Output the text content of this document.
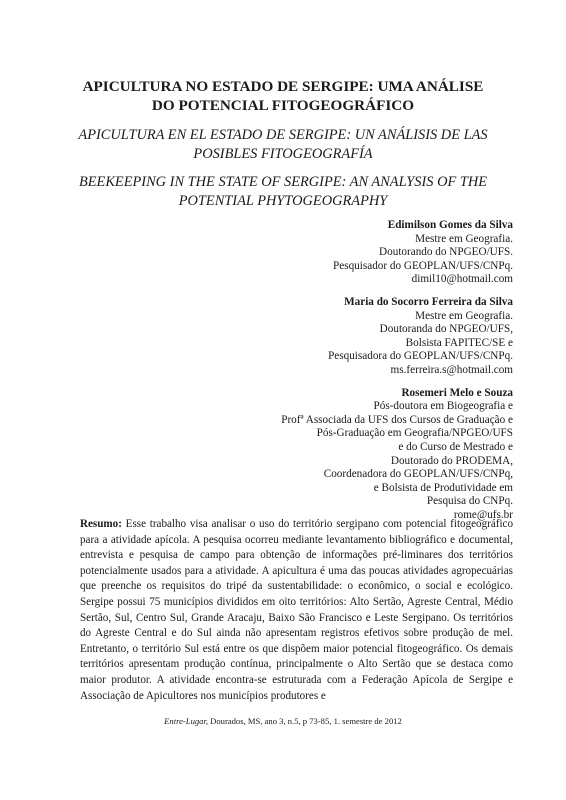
APICULTURA NO ESTADO DE SERGIPE: UMA ANÁLISE DO POTENCIAL FITOGEOGRÁFICO
APICULTURA EN EL ESTADO DE SERGIPE: UN ANÁLISIS DE LAS POSIBLES FITOGEOGRAFÍA
BEEKEEPING IN THE STATE OF SERGIPE: AN ANALYSIS OF THE POTENTIAL PHYTOGEOGRAPHY
Edimilson Gomes da Silva
Mestre em Geografia.
Doutorando do NPGEO/UFS.
Pesquisador do GEOPLAN/UFS/CNPq.
dimil10@hotmail.com
Maria do Socorro Ferreira da Silva
Mestre em Geografia.
Doutoranda do NPGEO/UFS,
Bolsista FAPITEC/SE e
Pesquisadora do GEOPLAN/UFS/CNPq.
ms.ferreira.s@hotmail.com
Rosemeri Melo e Souza
Pós-doutora em Biogeografia e
Profª Associada da UFS dos Cursos de Graduação e
Pós-Graduação em Geografia/NPGEO/UFS
e do Curso de Mestrado e
Doutorado do PRODEMA,
Coordenadora do GEOPLAN/UFS/CNPq,
e Bolsista de Produtividade em
Pesquisa do CNPq.
rome@ufs.br
Resumo: Esse trabalho visa analisar o uso do território sergipano com potencial fitogeográfico para a atividade apícola. A pesquisa ocorreu mediante levantamento bibliográfico e documental, entrevista e pesquisa de campo para obtenção de informações pré-liminares dos territórios potencialmente usados para a atividade. A apicultura é uma das poucas atividades agropecuárias que preenche os requisitos do tripé da sustentabilidade: o econômico, o social e ecológico. Sergipe possui 75 municípios divididos em oito territórios: Alto Sertão, Agreste Central, Médio Sertão, Sul, Centro Sul, Grande Aracaju, Baixo São Francisco e Leste Sergipano. Os territórios do Agreste Central e do Sul ainda não apresentam registros efetivos sobre produção de mel. Entretanto, o território Sul está entre os que dispõem maior potencial fitogeográfico. Os demais territórios apresentam produção contínua, principalmente o Alto Sertão que se destaca como maior produtor. A atividade encontra-se estruturada com a Federação Apícola de Sergipe e Associação de Apicultores nos municípios produtores e
Entre-Lugar, Dourados, MS, ano 3, n.5, p 73-85, 1. semestre de 2012
